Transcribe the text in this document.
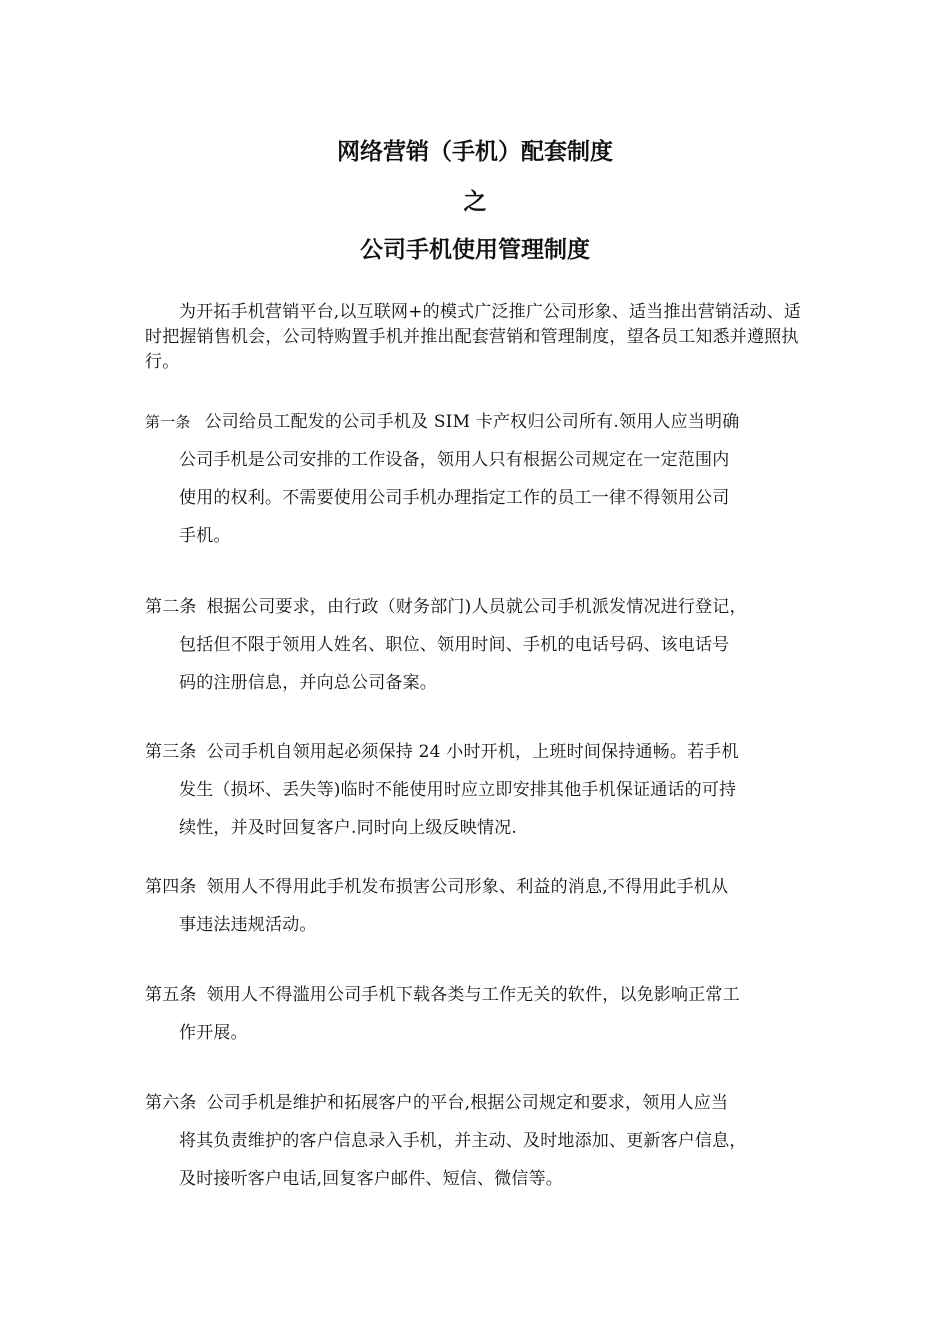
网络营销（手机）配套制度
之
公司手机使用管理制度
为开拓手机营销平台,以互联网+的模式广泛推广公司形象、适当推出营销活动、适时把握销售机会，公司特购置手机并推出配套营销和管理制度，望各员工知悉并遵照执行。
第一条 公司给员工配发的公司手机及 SIM 卡产权归公司所有.领用人应当明确
公司手机是公司安排的工作设备，领用人只有根据公司规定在一定范围内
使用的权利。不需要使用公司手机办理指定工作的员工一律不得领用公司
手机。
第二条 根据公司要求，由行政（财务部门)人员就公司手机派发情况进行登记，
包括但不限于领用人姓名、职位、领用时间、手机的电话号码、该电话号
码的注册信息，并向总公司备案。
第三条 公司手机自领用起必须保持 24 小时开机，上班时间保持通畅。若手机
发生（损坏、丢失等)临时不能使用时应立即安排其他手机保证通话的可持
续性，并及时回复客户.同时向上级反映情况.
第四条 领用人不得用此手机发布损害公司形象、利益的消息,不得用此手机从
事违法违规活动。
第五条 领用人不得滥用公司手机下载各类与工作无关的软件，以免影响正常工
作开展。
第六条 公司手机是维护和拓展客户的平台,根据公司规定和要求，领用人应当
将其负责维护的客户信息录入手机，并主动、及时地添加、更新客户信息，
及时接听客户电话,回复客户邮件、短信、微信等。
